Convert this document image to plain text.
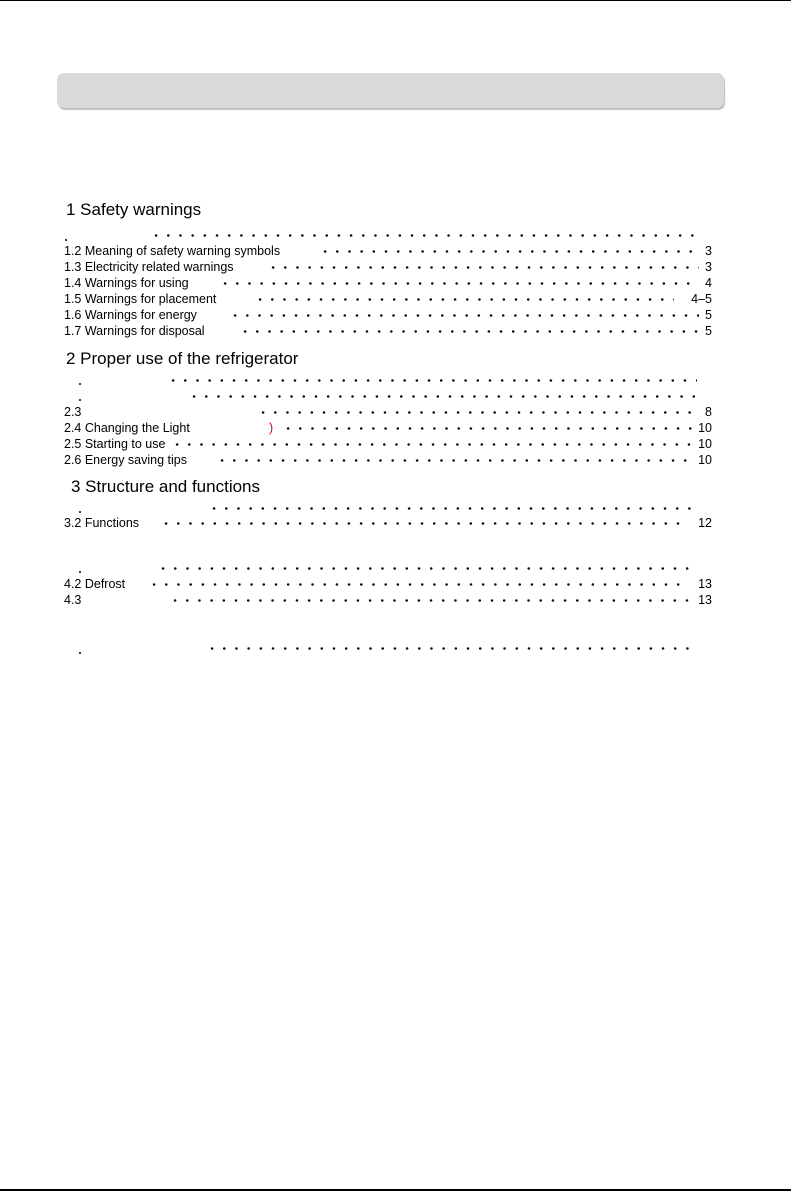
1 Safety warnings
1.2 Meaning of safety warning symbols	3
1.3 Electricity related warnings	3
1.4 Warnings for using	4
1.5 Warnings for placement	4–5
1.6 Warnings for energy	5
1.7 Warnings for disposal	5
2 Proper use of the refrigerator
2.3	8
2.4 Changing the Light	)	10
2.5 Starting to use	10
2.6 Energy saving tips	10
3 Structure and functions
3.2 Functions	12
4.2 Defrost	13
4.3	13
